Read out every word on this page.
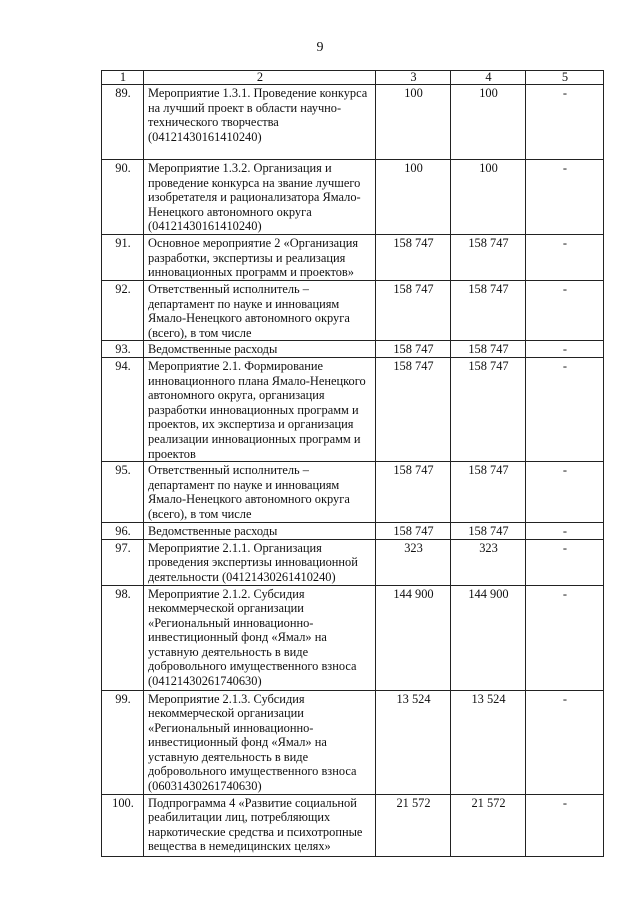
9
1	2	3	4	5
89.	Мероприятие 1.3.1. Проведение конкурса на лучший проект в области научно-технического творчества (04121430161410240)	100	100	-
90.	Мероприятие 1.3.2. Организация и проведение конкурса на звание лучшего изобретателя и рационализатора Ямало-Ненецкого автономного округа (04121430161410240)	100	100	-
91.	Основное мероприятие 2 «Организация разработки, экспертизы и реализация инновационных программ и проектов»	158 747	158 747	-
92.	Ответственный исполнитель – департамент по науке и инновациям Ямало-Ненецкого автономного округа (всего), в том числе	158 747	158 747	-
93.	Ведомственные расходы	158 747	158 747	-
94.	Мероприятие 2.1. Формирование инновационного плана Ямало-Ненецкого автономного округа, организация разработки инновационных программ и проектов, их экспертиза и организация реализации инновационных программ и проектов	158 747	158 747	-
95.	Ответственный исполнитель – департамент по науке и инновациям Ямало-Ненецкого автономного округа (всего), в том числе	158 747	158 747	-
96.	Ведомственные расходы	158 747	158 747	-
97.	Мероприятие 2.1.1. Организация проведения экспертизы инновационной деятельности (04121430261410240)	323	323	-
98.	Мероприятие 2.1.2. Субсидия некоммерческой организации «Региональный инновационно-инвестиционный фонд «Ямал» на уставную деятельность в виде добровольного имущественного взноса (04121430261740630)	144 900	144 900	-
99.	Мероприятие 2.1.3. Субсидия некоммерческой организации «Региональный инновационно-инвестиционный фонд «Ямал» на уставную деятельность в виде добровольного имущественного взноса (06031430261740630)	13 524	13 524	-
100.	Подпрограмма 4 «Развитие социальной реабилитации лиц, потребляющих наркотические средства и психотропные вещества в немедицинских целях»	21 572	21 572	-
